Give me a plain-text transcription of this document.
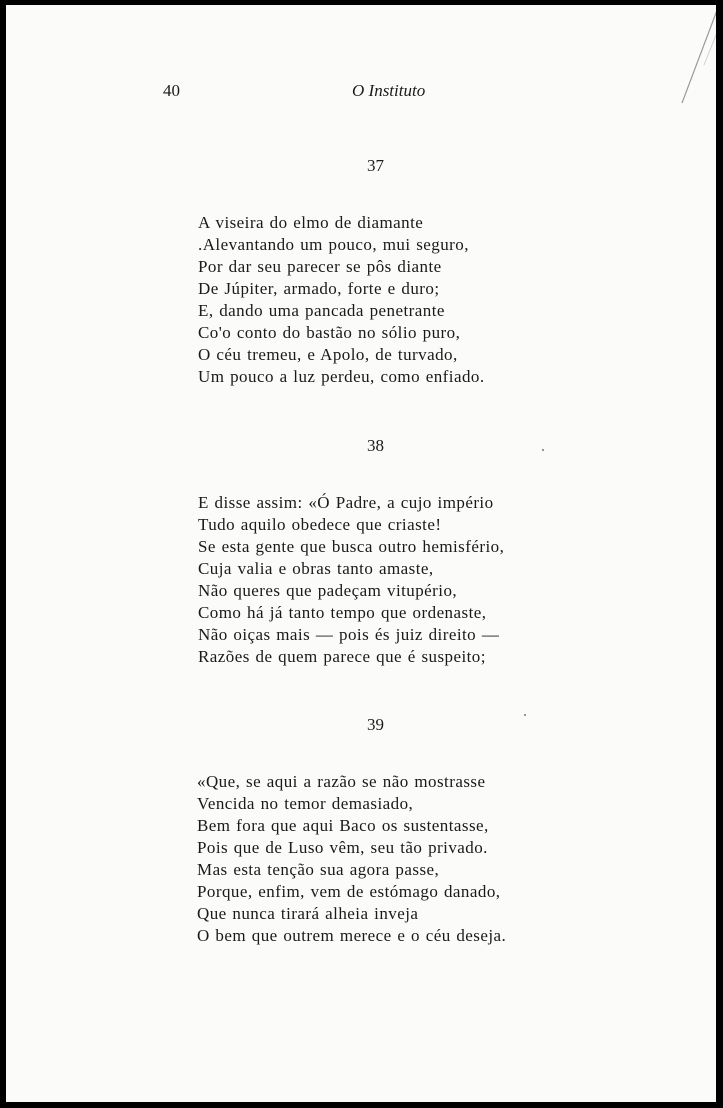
40	O Instituto
37
A viseira do elmo de diamante
.Alevantando um pouco, mui seguro,
Por dar seu parecer se pôs diante
De Júpiter, armado, forte e duro;
E, dando uma pancada penetrante
Co'o conto do bastão no sólio puro,
O céu tremeu, e Apolo, de turvado,
Um pouco a luz perdeu, como enfiado.
38
E disse assim: «Ó Padre, a cujo império
Tudo aquilo obedece que criaste!
Se esta gente que busca outro hemisfério,
Cuja valia e obras tanto amaste,
Não queres que padeçam vitupério,
Como há já tanto tempo que ordenaste,
Não oiças mais — pois és juiz direito —
Razões de quem parece que é suspeito;
39
«Que, se aqui a razão se não mostrasse
Vencida no temor demasiado,
Bem fora que aqui Baco os sustentasse,
Pois que de Luso vêm, seu tão privado.
Mas esta tenção sua agora passe,
Porque, enfim, vem de estómago danado,
Que nunca tirará alheia inveja
O bem que outrem merece e o céu deseja.
